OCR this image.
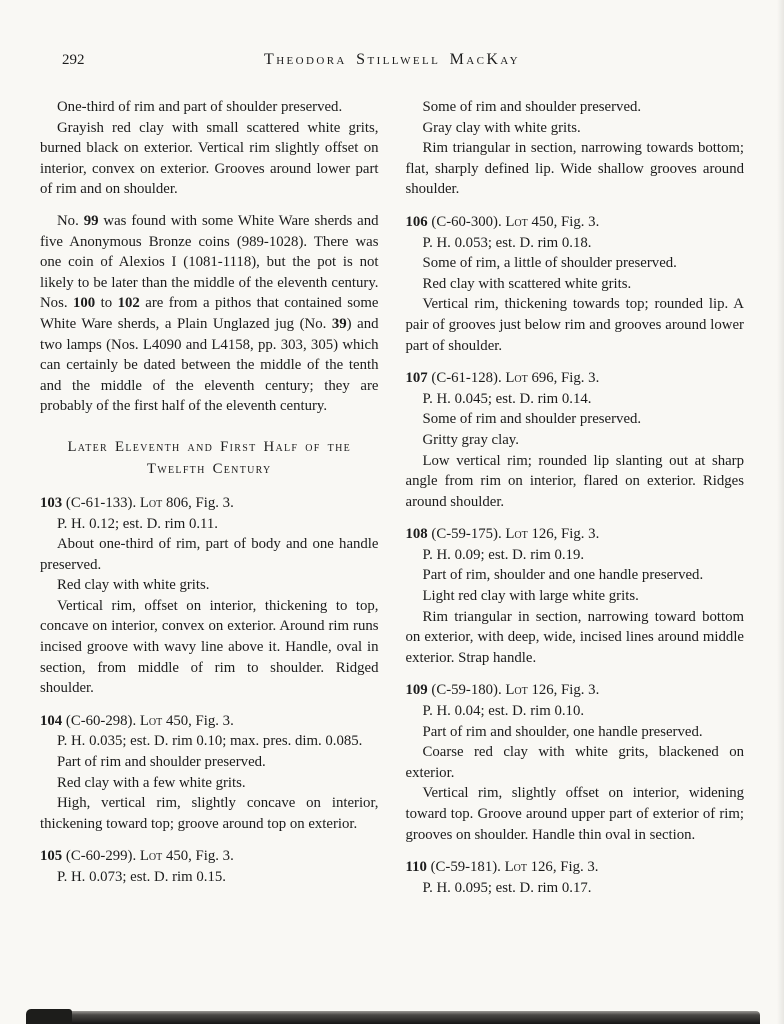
292	Theodora Stillwell MacKay

One-third of rim and part of shoulder preserved.

Grayish red clay with small scattered white grits, burned black on exterior. Vertical rim slightly offset on interior, convex on exterior. Grooves around lower part of rim and on shoulder.

No. 99 was found with some White Ware sherds and five Anonymous Bronze coins (989-1028). There was one coin of Alexios I (1081-1118), but the pot is not likely to be later than the middle of the eleventh century. Nos. 100 to 102 are from a pithos that contained some White Ware sherds, a Plain Unglazed jug (No. 39) and two lamps (Nos. L4090 and L4158, pp. 303, 305) which can certainly be dated between the middle of the tenth and the middle of the eleventh century; they are probably of the first half of the eleventh century.

Later Eleventh and First Half of the
Twelfth Century

103 (C-61-133). Lot 806, Fig. 3.

P. H. 0.12; est. D. rim 0.11.

About one-third of rim, part of body and one handle preserved.

Red clay with white grits.

Vertical rim, offset on interior, thickening to top, concave on interior, convex on exterior. Around rim runs incised groove with wavy line above it. Handle, oval in section, from middle of rim to shoulder. Ridged shoulder.

104 (C-60-298). Lot 450, Fig. 3.

P. H. 0.035; est. D. rim 0.10; max. pres. dim. 0.085.

Part of rim and shoulder preserved.

Red clay with a few white grits.

High, vertical rim, slightly concave on interior, thickening toward top; groove around top on exterior.

105 (C-60-299). Lot 450, Fig. 3.

P. H. 0.073; est. D. rim 0.15.

Some of rim and shoulder preserved.

Gray clay with white grits.

Rim triangular in section, narrowing towards bottom; flat, sharply defined lip. Wide shallow grooves around shoulder.

106 (C-60-300). Lot 450, Fig. 3.

P. H. 0.053; est. D. rim 0.18.

Some of rim, a little of shoulder preserved.

Red clay with scattered white grits.

Vertical rim, thickening towards top; rounded lip. A pair of grooves just below rim and grooves around lower part of shoulder.

107 (C-61-128). Lot 696, Fig. 3.

P. H. 0.045; est. D. rim 0.14.

Some of rim and shoulder preserved.

Gritty gray clay.

Low vertical rim; rounded lip slanting out at sharp angle from rim on interior, flared on exterior. Ridges around shoulder.

108 (C-59-175). Lot 126, Fig. 3.

P. H. 0.09; est. D. rim 0.19.

Part of rim, shoulder and one handle preserved.

Light red clay with large white grits.

Rim triangular in section, narrowing toward bottom on exterior, with deep, wide, incised lines around middle exterior. Strap handle.

109 (C-59-180). Lot 126, Fig. 3.

P. H. 0.04; est. D. rim 0.10.

Part of rim and shoulder, one handle preserved.

Coarse red clay with white grits, blackened on exterior.

Vertical rim, slightly offset on interior, widening toward top. Groove around upper part of exterior of rim; grooves on shoulder. Handle thin oval in section.

110 (C-59-181). Lot 126, Fig. 3.

P. H. 0.095; est. D. rim 0.17.
